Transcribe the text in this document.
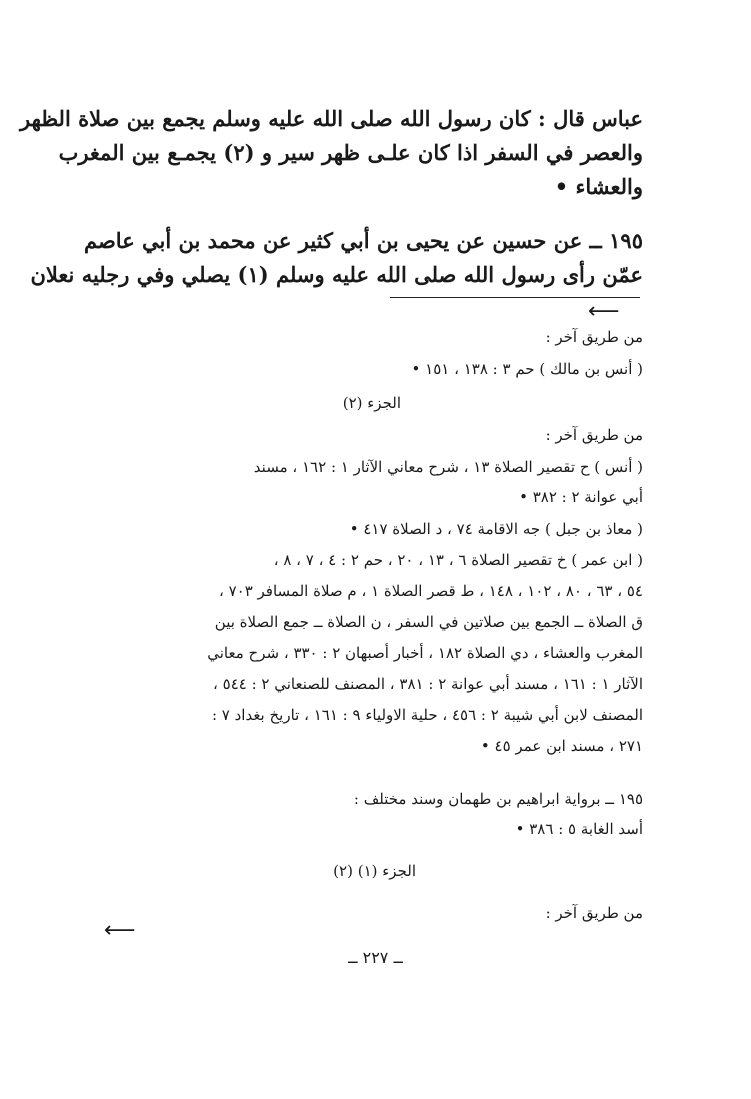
عباس قال : كان رسول الله صلى الله عليه وسلم يجمع بين صلاة الظهر
والعصر في السفر اذا كان علـى ظهر سير و (٢) يجمـع بين المغرب
والعشاء •
١٩٥ ــ عن حسين عن يحيى بن أبي كثير عن محمد بن أبي عاصم
عمّن رأى رسول الله صلى الله عليه وسلم (١) يصلي وفي رجليه نعلان
⟵
من طريق آخر :
( أنس بن مالك ) حم ٣ : ١٣٨ ، ١٥١ •
الجزء (٢)
من طريق آخر :
( أنس ) ح تقصير الصلاة ١٣ ، شرح معاني الآثار ١ : ١٦٢ ، مسند
أبي عوانة ٢ : ٣٨٢ •
( معاذ بن جبل ) جه الاقامة ٧٤ ، د الصلاة ٤١٧ •
( ابن عمر ) خ تقصير الصلاة ٦ ، ١٣ ، ٢٠ ، حم ٢ : ٤ ، ٧ ، ٨ ،
٥٤ ، ٦٣ ، ٨٠ ، ١٠٢ ، ١٤٨ ، ط قصر الصلاة ١ ، م صلاة المسافر ٧٠٣ ،
ق الصلاة ــ الجمع بين صلاتين في السفر ، ن الصلاة ــ جمع الصلاة بين
المغرب والعشاء ، دي الصلاة ١٨٢ ، أخبار أصبهان ٢ : ٣٣٠ ، شرح معاني
الآثار ١ : ١٦١ ، مسند أبي عوانة ٢ : ٣٨١ ، المصنف للصنعاني ٢ : ٥٤٤ ،
المصنف لابن أبي شيبة ٢ : ٤٥٦ ، حلية الاولياء ٩ : ١٦١ ، تاريخ بغداد ٧ :
٢٧١ ، مسند ابن عمر ٤٥ •
١٩٥ ــ برواية ابراهيم بن طهمان وسند مختلف :
أسد الغابة ٥ : ٣٨٦ •
الجزء (١) (٢)
من طريق آخر :
⟵
ــ ٢٢٧ ــ
